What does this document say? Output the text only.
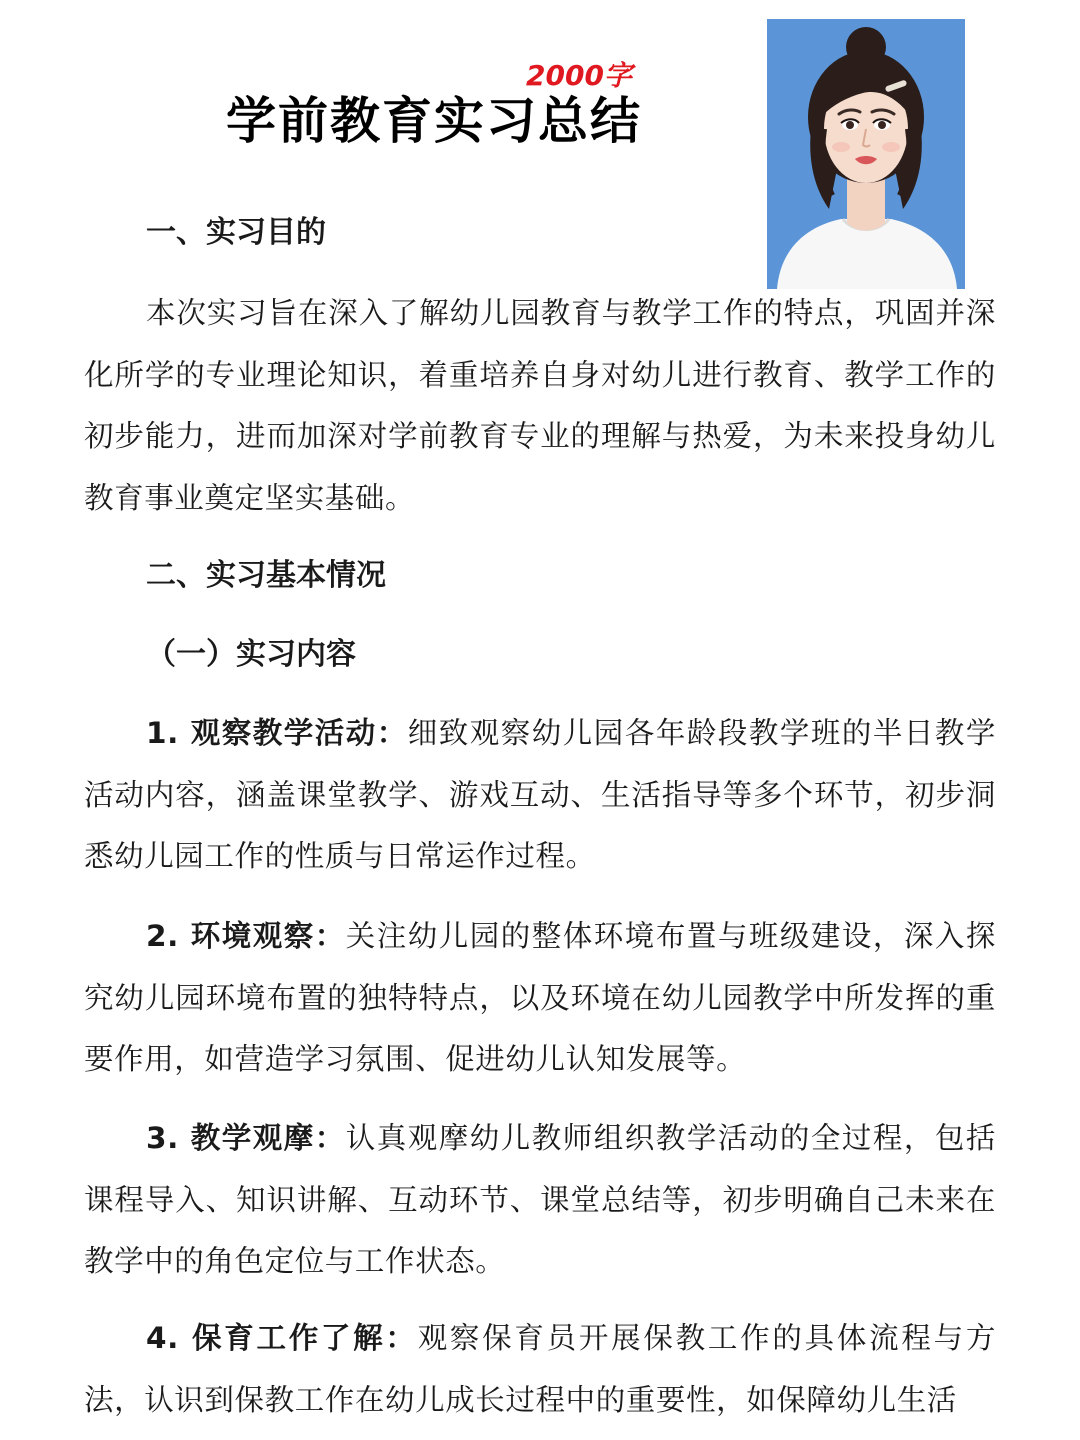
2000字
学前教育实习总结
一、实习目的

本次实习旨在深入了解幼儿园教育与教学工作的特点，巩固并深化所学的专业理论知识，着重培养自身对幼儿进行教育、教学工作的初步能力，进而加深对学前教育专业的理解与热爱，为未来投身幼儿教育事业奠定坚实基础。

二、实习基本情况
（一）实习内容

1. 观察教学活动：细致观察幼儿园各年龄段教学班的半日教学活动内容，涵盖课堂教学、游戏互动、生活指导等多个环节，初步洞悉幼儿园工作的性质与日常运作过程。

2. 环境观察：关注幼儿园的整体环境布置与班级建设，深入探究幼儿园环境布置的独特特点，以及环境在幼儿园教学中所发挥的重要作用，如营造学习氛围、促进幼儿认知发展等。

3. 教学观摩：认真观摩幼儿教师组织教学活动的全过程，包括课程导入、知识讲解、互动环节、课堂总结等，初步明确自己未来在教学中的角色定位与工作状态。

4. 保育工作了解：观察保育员开展保教工作的具体流程与方法，认识到保教工作在幼儿成长过程中的重要性，如保障幼儿生活
